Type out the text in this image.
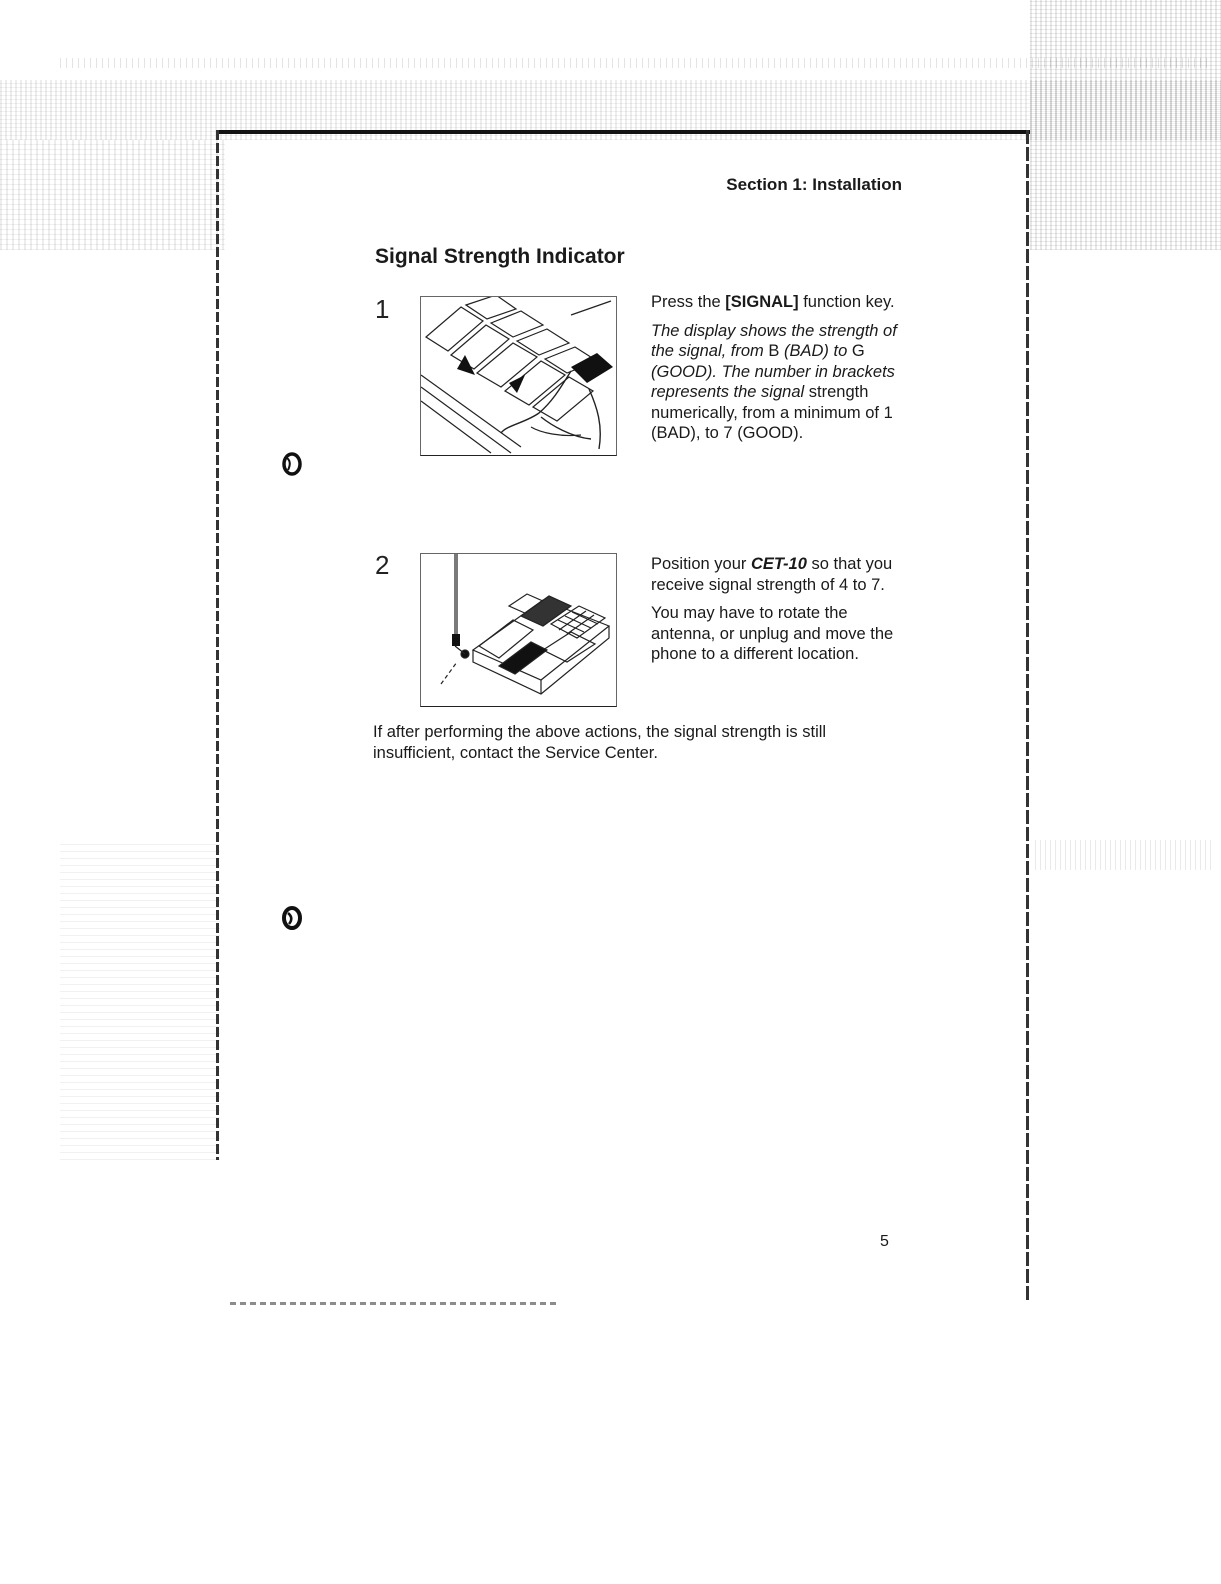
Section 1: Installation
Signal Strength Indicator
1	Press the [SIGNAL] function key.

The display shows the strength of the signal, from B (BAD) to G (GOOD). The number in brackets represents the signal strength numerically, from a minimum of 1 (BAD), to 7 (GOOD).

2	Position your CET-10 so that you receive signal strength of 4 to 7.

You may have to rotate the antenna, or unplug and move the phone to a different location.

If after performing the above actions, the signal strength is still insufficient, contact the Service Center.

5
